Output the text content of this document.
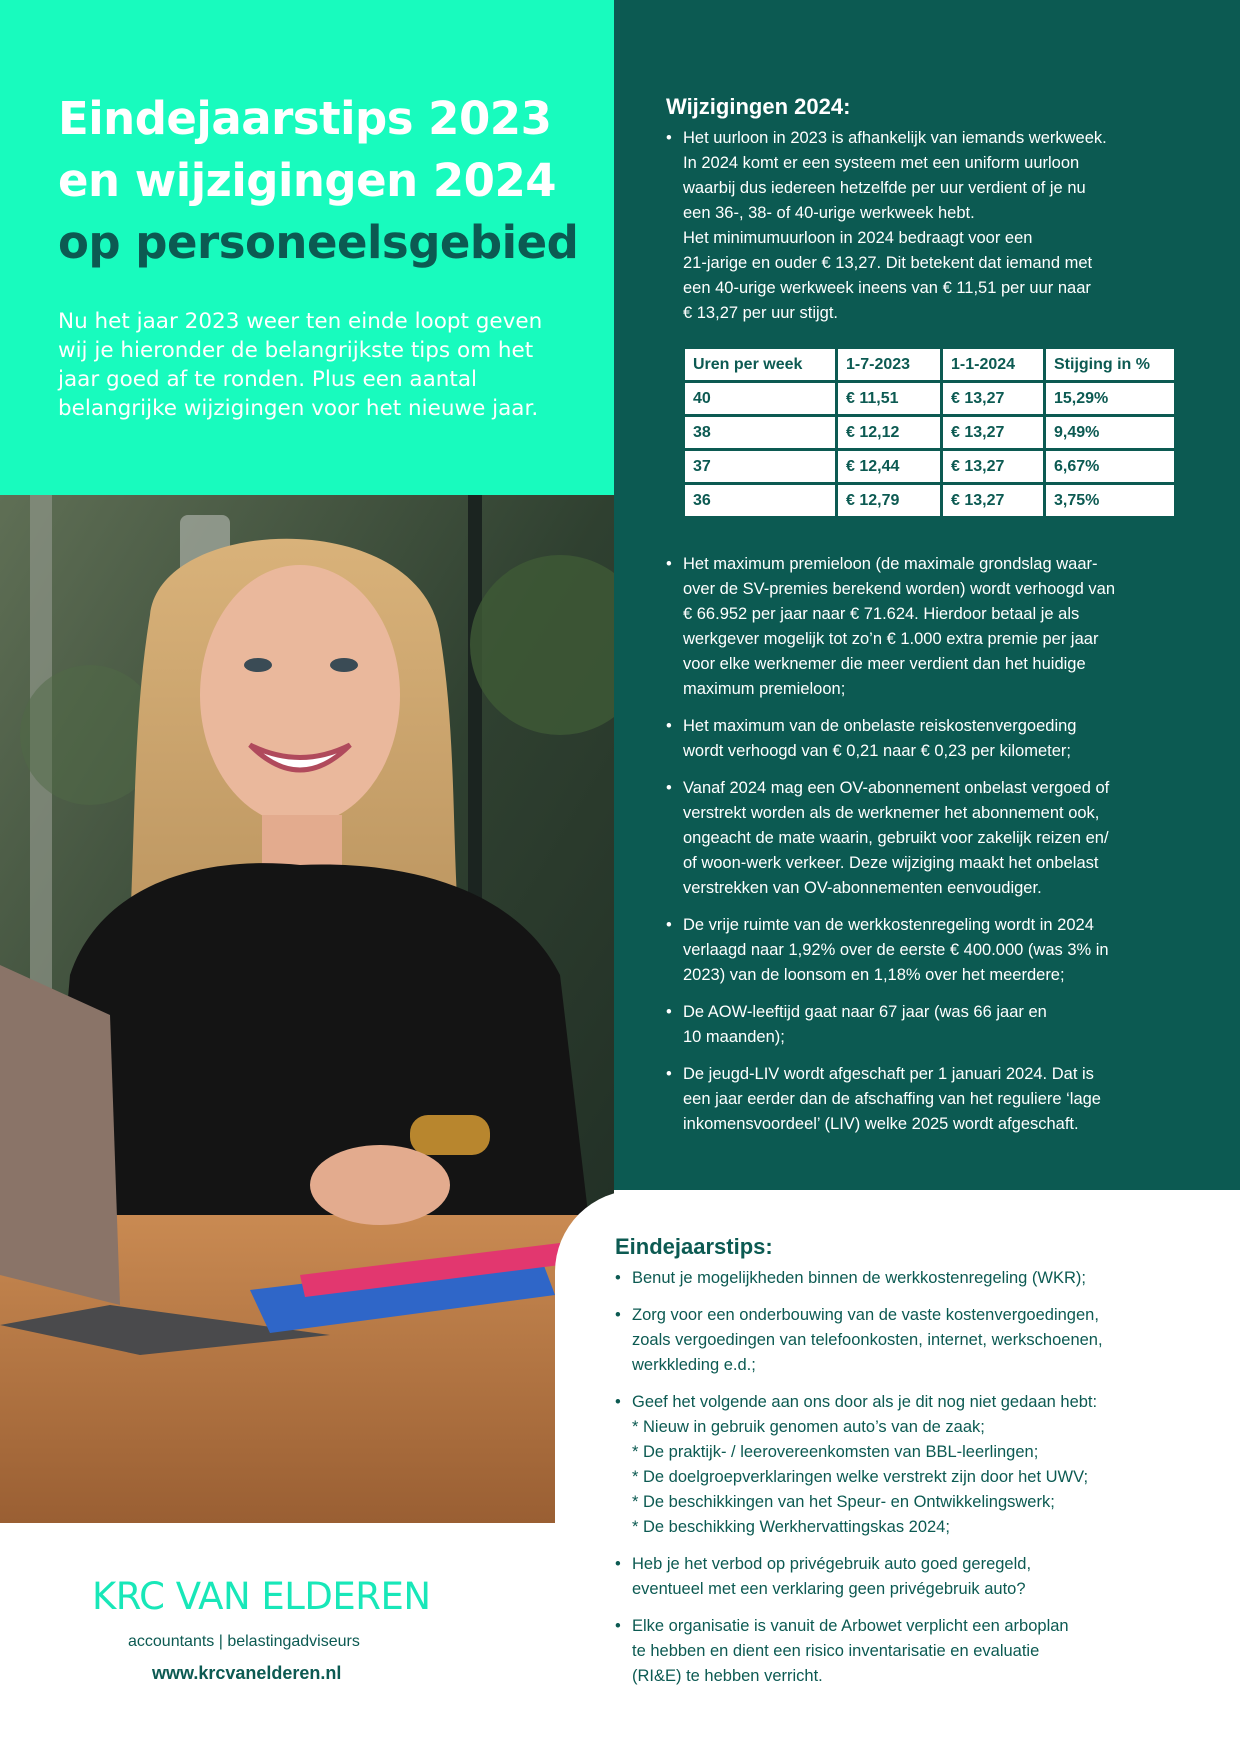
Eindejaarstips 2023
en wijzigingen 2024
op personeelsgebied

Nu het jaar 2023 weer ten einde loopt geven
wij je hieronder de belangrijkste tips om het
jaar goed af te ronden. Plus een aantal
belangrijke wijzigingen voor het nieuwe jaar.

KRC VAN ELDEREN
accountants | belastingadviseurs
www.krcvanelderen.nl
Wijzigingen 2024:
• Het uurloon in 2023 is afhankelijk van iemands werkweek.
In 2024 komt er een systeem met een uniform uurloon
waarbij dus iedereen hetzelfde per uur verdient of je nu
een 36-, 38- of 40-urige werkweek hebt.
Het minimumuurloon in 2024 bedraagt voor een
21-jarige en ouder € 13,27. Dit betekent dat iemand met
een 40-urige werkweek ineens van € 11,51 per uur naar
€ 13,27 per uur stijgt.
Uren per week	1-7-2023	1-1-2024	Stijging in %
40	€ 11,51	€ 13,27	15,29%
38	€ 12,12	€ 13,27	9,49%
37	€ 12,44	€ 13,27	6,67%
36	€ 12,79	€ 13,27	3,75%
• Het maximum premieloon (de maximale grondslag waar-
over de SV-premies berekend worden) wordt verhoogd van
€ 66.952 per jaar naar € 71.624. Hierdoor betaal je als
werkgever mogelijk tot zo’n € 1.000 extra premie per jaar
voor elke werknemer die meer verdient dan het huidige
maximum premieloon;
• Het maximum van de onbelaste reiskostenvergoeding
wordt verhoogd van € 0,21 naar € 0,23 per kilometer;
• Vanaf 2024 mag een OV-abonnement onbelast vergoed of
verstrekt worden als de werknemer het abonnement ook,
ongeacht de mate waarin, gebruikt voor zakelijk reizen en/
of woon-werk verkeer. Deze wijziging maakt het onbelast
verstrekken van OV-abonnementen eenvoudiger.
• De vrije ruimte van de werkkostenregeling wordt in 2024
verlaagd naar 1,92% over de eerste € 400.000 (was 3% in
2023) van de loonsom en 1,18% over het meerdere;
• De AOW-leeftijd gaat naar 67 jaar (was 66 jaar en
10 maanden);
• De jeugd-LIV wordt afgeschaft per 1 januari 2024. Dat is
een jaar eerder dan de afschaffing van het reguliere ‘lage
inkomensvoordeel’ (LIV) welke 2025 wordt afgeschaft.
Eindejaarstips:
• Benut je mogelijkheden binnen de werkkostenregeling (WKR);
• Zorg voor een onderbouwing van de vaste kostenvergoedingen,
zoals vergoedingen van telefoonkosten, internet, werkschoenen,
werkkleding e.d.;
• Geef het volgende aan ons door als je dit nog niet gedaan hebt:
* Nieuw in gebruik genomen auto’s van de zaak;
* De praktijk- / leerovereenkomsten van BBL-leerlingen;
* De doelgroepverklaringen welke verstrekt zijn door het UWV;
* De beschikkingen van het Speur- en Ontwikkelingswerk;
* De beschikking Werkhervattingskas 2024;
• Heb je het verbod op privégebruik auto goed geregeld,
eventueel met een verklaring geen privégebruik auto?
• Elke organisatie is vanuit de Arbowet verplicht een arboplan
te hebben en dient een risico inventarisatie en evaluatie
(RI&E) te hebben verricht.
